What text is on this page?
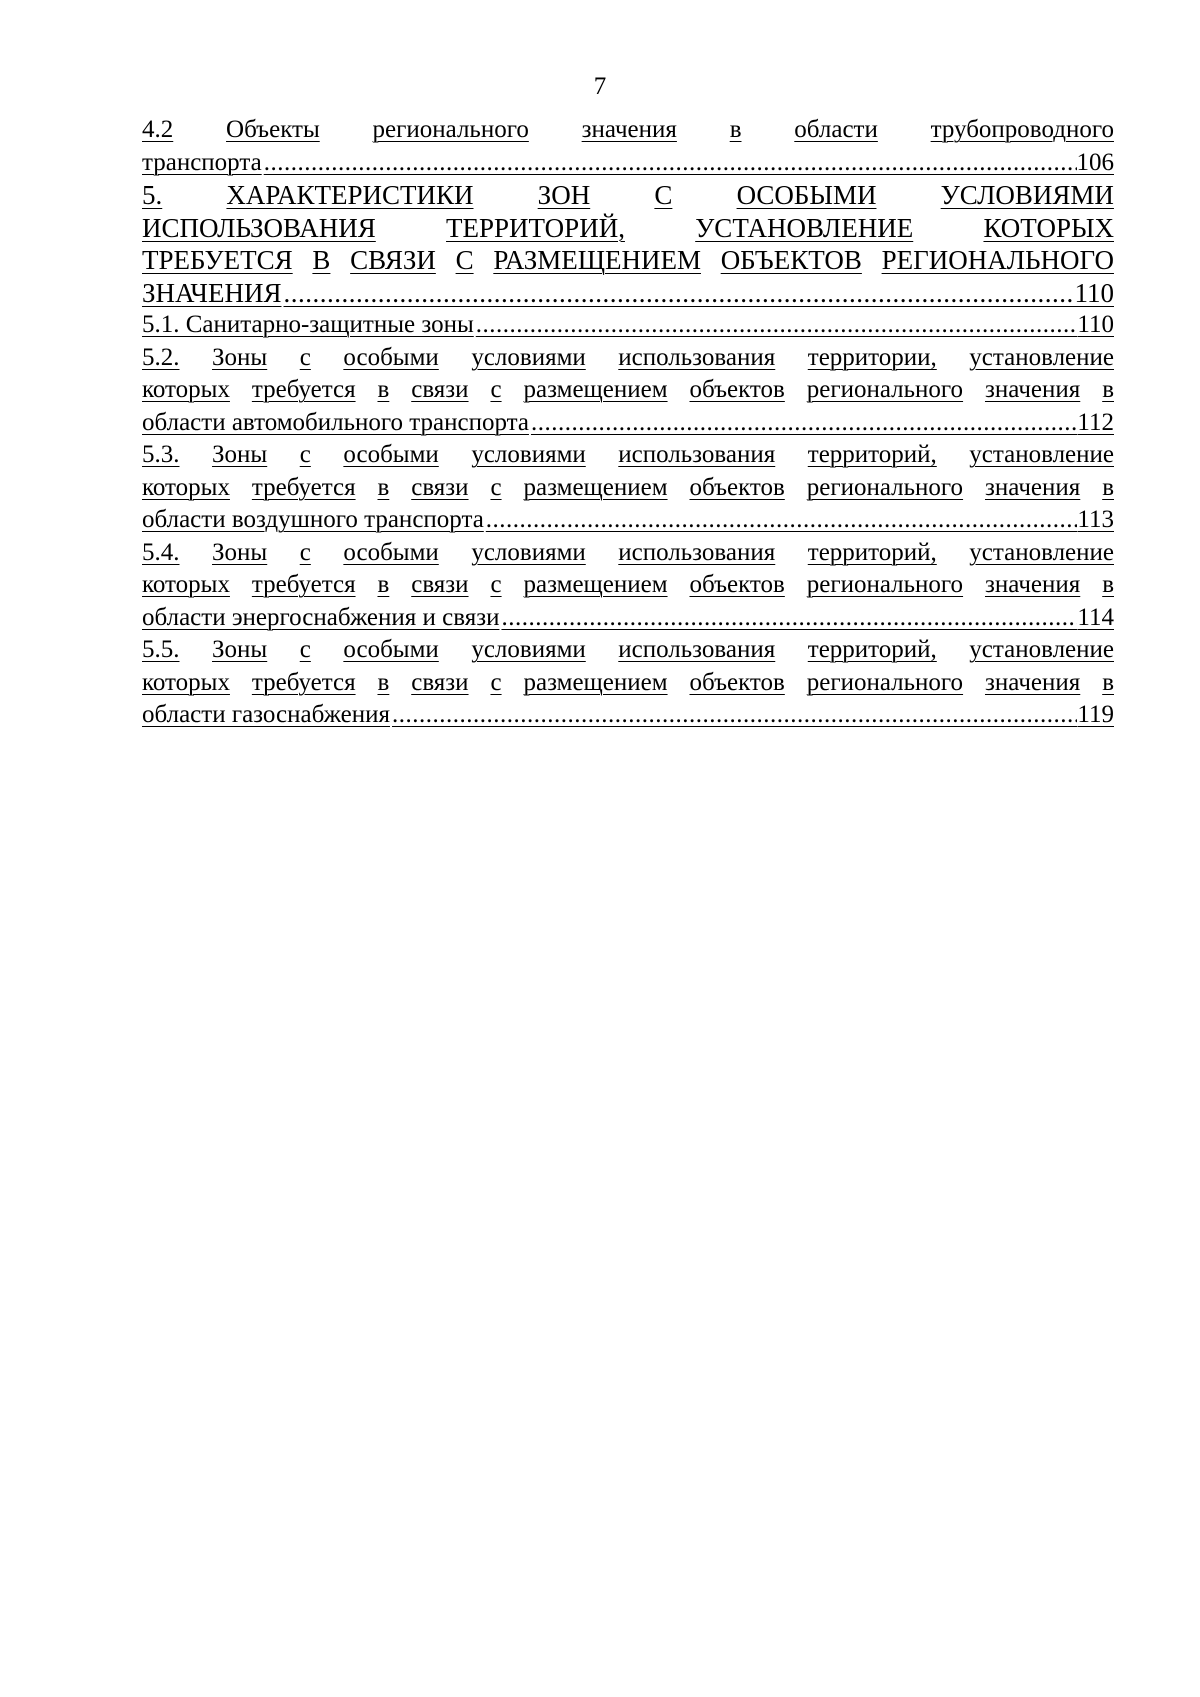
7
4.2 Объекты регионального значения в области трубопроводного
транспорта .....	106
5. ХАРАКТЕРИСТИКИ ЗОН С ОСОБЫМИ УСЛОВИЯМИ
ИСПОЛЬЗОВАНИЯ	ТЕРРИТОРИЙ,	УСТАНОВЛЕНИЕ	КОТОРЫХ
ТРЕБУЕТСЯ В СВЯЗИ С РАЗМЕЩЕНИЕМ ОБЪЕКТОВ РЕГИОНАЛЬНОГО
ЗНАЧЕНИЯ .....	110
5.1. Санитарно-защитные зоны .....	110
5.2. Зоны с особыми условиями использования территории, установление
которых требуется в связи с размещением объектов регионального значения в
области автомобильного транспорта .....	112
5.3. Зоны с особыми условиями использования территорий, установление
которых требуется в связи с размещением объектов регионального значения в
области воздушного транспорта .....	113
5.4. Зоны с особыми условиями использования территорий, установление
которых требуется в связи с размещением объектов регионального значения в
области энергоснабжения и связи .....	114
5.5. Зоны с особыми условиями использования территорий, установление
которых требуется в связи с размещением объектов регионального значения в
области газоснабжения .....	119
